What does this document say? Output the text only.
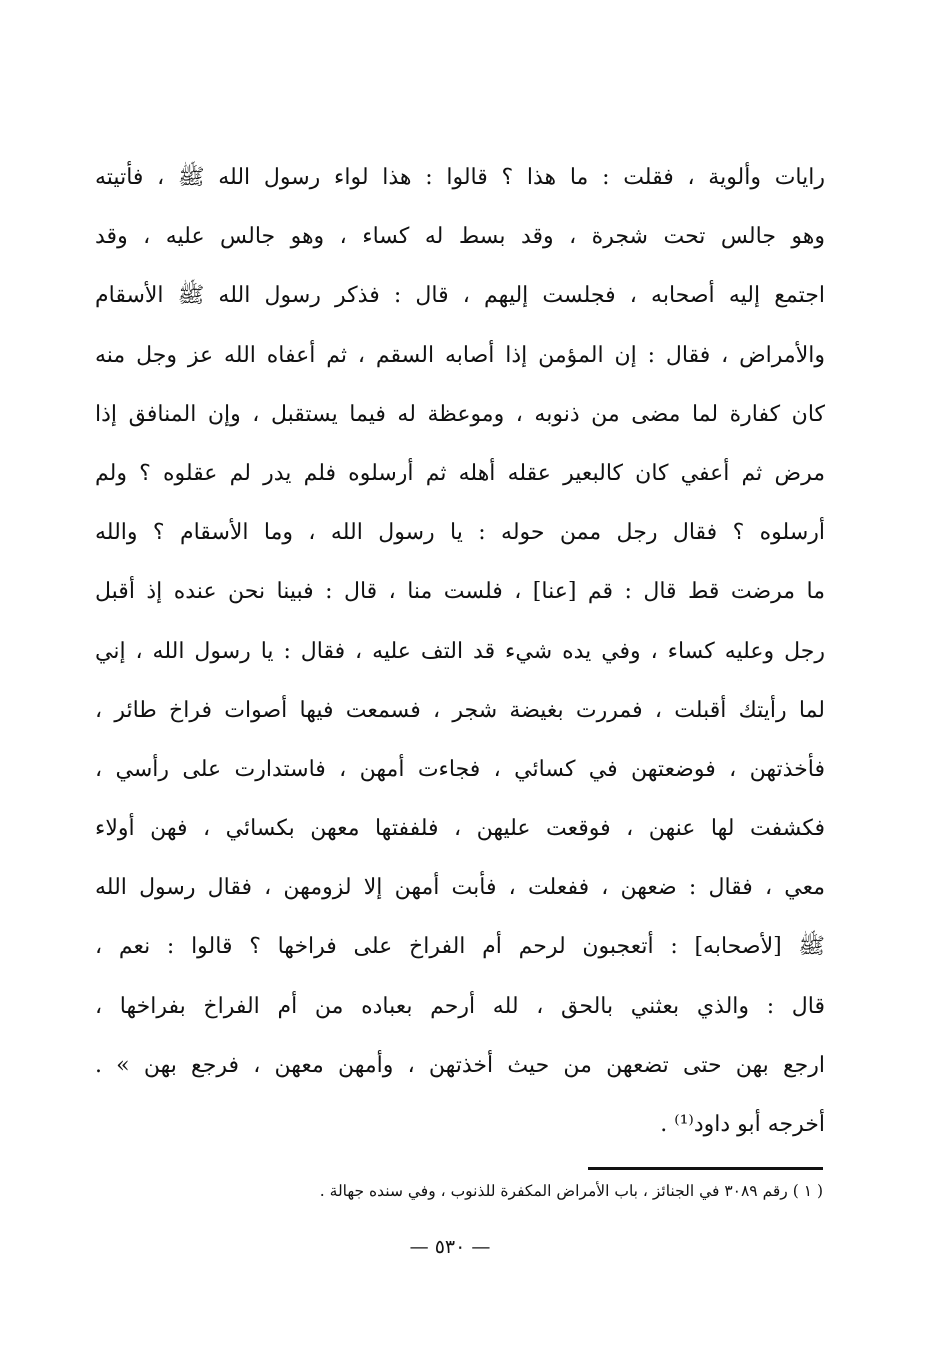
رايات وألوية ، فقلت : ما هذا ؟ قالوا : هذا لواء رسول الله ﷺ ، فأتيته
وهو جالس تحت شجرة ، وقد بسط له كساء ، وهو جالس عليه ، وقد
اجتمع إليه أصحابه ، فجلست إليهم ، قال : فذكر رسول الله ﷺ الأسقام
والأمراض ، فقال : إن المؤمن إذا أصابه السقم ، ثم أعفاه الله عز وجل منه
كان كفارة لما مضى من ذنوبه ، وموعظة له فيما يستقبل ، وإن المنافق إذا
مرض ثم أعفي كان كالبعير عقله أهله ثم أرسلوه فلم يدر لم عقلوه ؟ ولم
أرسلوه ؟ فقال رجل ممن حوله : يا رسول الله ، وما الأسقام ؟ والله
ما مرضت قط قال : قم [عنا] ، فلست منا ، قال : فبينا نحن عنده إذ أقبل
رجل وعليه كساء ، وفي يده شيء قد التف عليه ، فقال : يا رسول الله ، إني
لما رأيتك أقبلت ، فمررت بغيضة شجر ، فسمعت فيها أصوات فراخ طائر ،
فأخذتهن ، فوضعتهن في كسائي ، فجاءت أمهن ، فاستدارت على رأسي ،
فكشفت لها عنهن ، فوقعت عليهن ، فلففتها معهن بكسائي ، فهن أولاء
معي ، فقال : ضعهن ، ففعلت ، فأبت أمهن إلا لزومهن ، فقال رسول الله
ﷺ [لأصحابه] : أتعجبون لرحم أم الفراخ على فراخها ؟ قالوا : نعم ،
قال : والذي بعثني بالحق ، لله أرحم بعباده من أم الفراخ بفراخها ،
ارجع بهن حتى تضعهن من حيث أخذتهن ، وأمهن معهن ، فرجع بهن » .
أخرجه أبو داود⁽¹⁾ .
( ١ ) رقم ٣٠٨٩ في الجنائز ، باب الأمراض المكفرة للذنوب ، وفي سنده جهالة .
— ٥٣٠ —
